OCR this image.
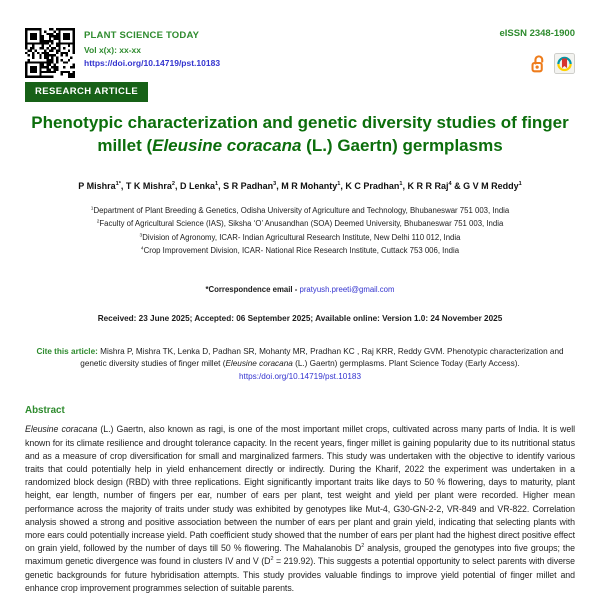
PLANT SCIENCE TODAY
Vol x(x): xx-xx
https://doi.org/10.14719/pst.10183
eISSN 2348-1900
RESEARCH ARTICLE
Phenotypic characterization and genetic diversity studies of finger millet (Eleusine coracana (L.) Gaertn) germplasms
P Mishra$^{1*}$, T K Mishra$^2$, D Lenka$^1$, S R Padhan$^3$, M R Mohanty$^1$, K C Pradhan$^1$, K R R Raj$^4$ & G V M Reddy$^1$
$^1$Department of Plant Breeding & Genetics, Odisha University of Agriculture and Technology, Bhubaneswar 751 003, India
$^2$Faculty of Agricultural Science (IAS), Siksha ‘O’ Anusandhan (SOA) Deemed University, Bhubaneswar 751 003, India
$^3$Division of Agronomy, ICAR- Indian Agricultural Research Institute, New Delhi 110 012, India
$^4$Crop Improvement Division, ICAR- National Rice Research Institute, Cuttack 753 006, India
*Correspondence email - pratyush.preeti@gmail.com
Received: 23 June 2025; Accepted: 06 September 2025; Available online: Version 1.0: 24 November 2025

Cite this article: Mishra P, Mishra TK, Lenka D, Padhan SR, Mohanty MR, Pradhan KC , Raj KRR, Reddy GVM. Phenotypic characterization and genetic diversity studies of finger millet (Eleusine coracana (L.) Gaertn) germplasms. Plant Science Today (Early Access). https:/doi.org/10.14719/pst.10183

Abstract

Eleusine coracana (L.) Gaertn, also known as ragi, is one of the most important millet crops, cultivated across many parts of India. It is well known for its climate resilience and drought tolerance capacity. In the recent years, finger millet is gaining popularity due to its nutritional status and as a measure of crop diversification for small and marginalized farmers. This study was undertaken with the objective to identify various traits that could potentially help in yield enhancement directly or indirectly. During the Kharif, 2022 the experiment was undertaken in a randomized block design (RBD) with three replications. Eight significantly important traits like days to 50 % flowering, days to maturity, plant height, ear length, number of fingers per ear, number of ears per plant, test weight and yield per plant were recorded. Higher mean performance across the majority of traits under study was exhibited by genotypes like Mut-4, G30-GN-2-2, VR-849 and VR-822. Correlation analysis showed a strong and positive association between the number of ears per plant and grain yield, indicating that selecting plants with more ears could potentially increase yield. Path coefficient study showed that the number of ears per plant had the highest direct positive effect on grain yield, followed by the number of days till 50 % flowering. The Mahalanobis $D^2$ analysis, grouped the genotypes into five groups; the maximum genetic divergence was found in clusters IV and V $(D^2 = 219.92)$. This suggests a potential opportunity to select parents with diverse genetic backgrounds for future hybridisation attempts. This study provides valuable findings to improve yield potential of finger millet and enhance crop improvement programmes selection of suitable parents.
